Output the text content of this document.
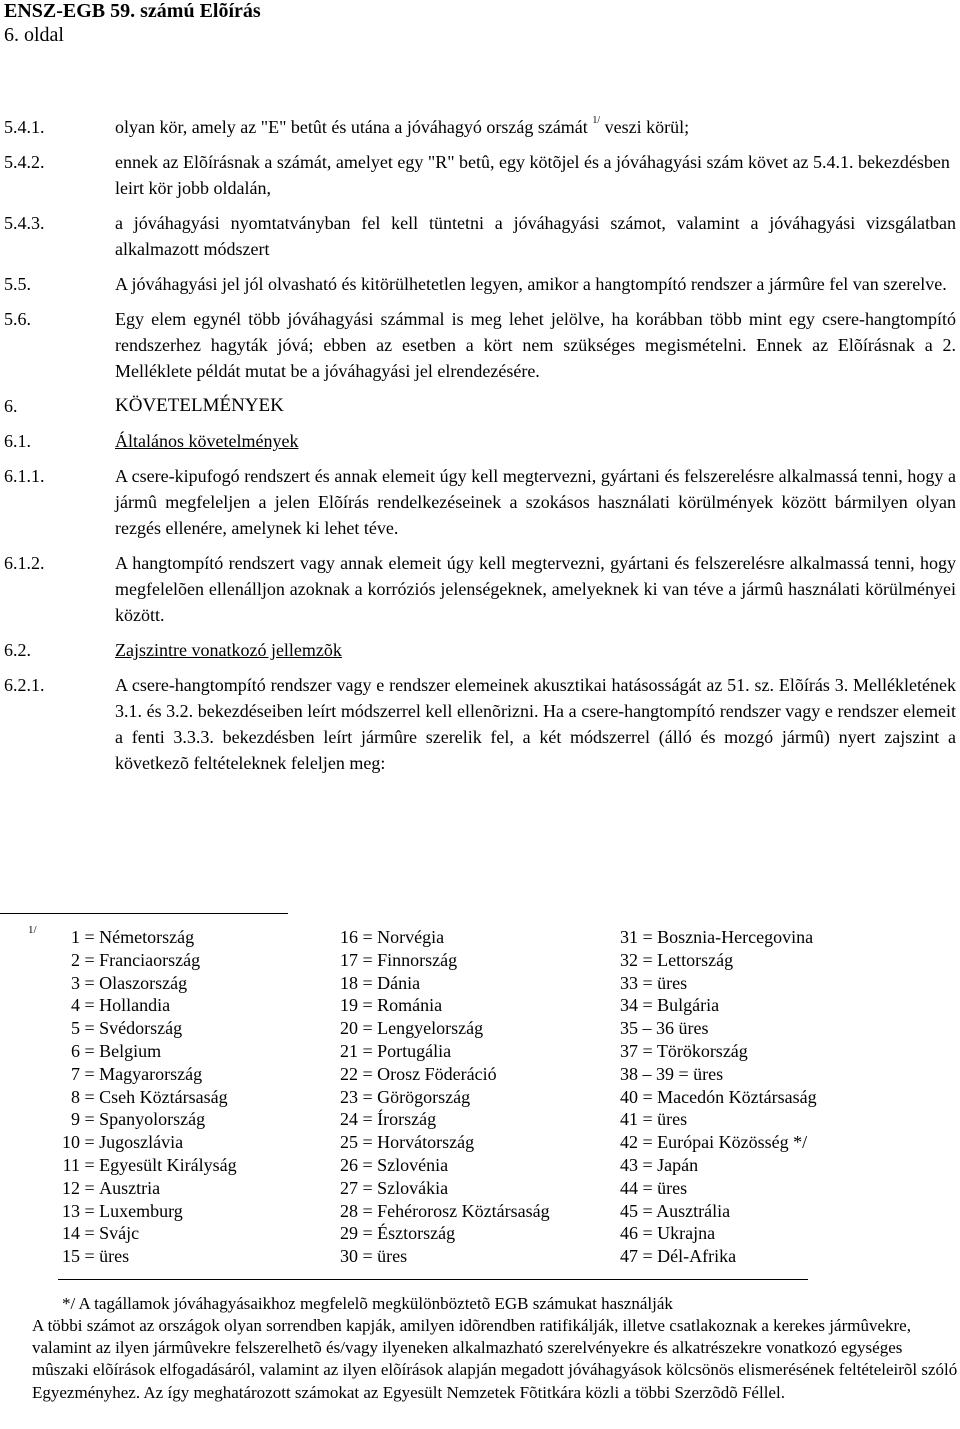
ENSZ-EGB 59. számú Elõírás
6. oldal
5.4.1.	olyan kör, amely az "E" betût és utána a jóváhagyó ország számát $^{1/}$ veszi körül;
5.4.2.	ennek az Elõírásnak a számát, amelyet egy "R" betû, egy kötõjel és a jóváhagyási szám követ az 5.4.1. bekezdésben leirt kör jobb oldalán,
5.4.3.	a jóváhagyási nyomtatványban fel kell tüntetni a jóváhagyási számot, valamint a jóváhagyási vizsgálatban alkalmazott módszert
5.5.	A jóváhagyási jel jól olvasható és kitörülhetetlen legyen, amikor a hangtompító rendszer a jármûre fel van szerelve.
5.6.	Egy elem egynél több jóváhagyási számmal is meg lehet jelölve, ha korábban több mint egy csere-hangtompító rendszerhez hagyták jóvá; ebben az esetben a kört nem szükséges megismételni. Ennek az Elõírásnak a 2. Melléklete példát mutat be a jóváhagyási jel elrendezésére.
6.	KÖVETELMÉNYEK
6.1.	Általános követelmények
6.1.1.	A csere-kipufogó rendszert és annak elemeit úgy kell megtervezni, gyártani és felszerelésre alkalmassá tenni, hogy a jármû megfeleljen a jelen Elõírás rendelkezéseinek a szokásos használati körülmények között bármilyen olyan rezgés ellenére, amelynek ki lehet téve.
6.1.2.	A hangtompító rendszert vagy annak elemeit úgy kell megtervezni, gyártani és felszerelésre alkalmassá tenni, hogy megfelelõen ellenálljon azoknak a korróziós jelenségeknek, amelyeknek ki van téve a jármû használati körülményei között.
6.2.	Zajszintre vonatkozó jellemzõk
6.2.1.	A csere-hangtompító rendszer vagy e rendszer elemeinek akusztikai hatásosságát az 51. sz. Elõírás 3. Mellékletének 3.1. és 3.2. bekezdéseiben leírt módszerrel kell ellenõrizni. Ha a csere-hangtompító rendszer vagy e rendszer elemeit a fenti 3.3.3. bekezdésben leírt jármûre szerelik fel, a két módszerrel (álló és mozgó jármû) nyert zajszint a következõ feltételeknek feleljen meg:
1/	1 = Németország
2 = Franciaország
3 = Olaszország
4 = Hollandia
5 = Svédország
6 = Belgium
7 = Magyarország
8 = Cseh Köztársaság
9 = Spanyolország
10 = Jugoszlávia
11 = Egyesült Királyság
12 = Ausztria
13 = Luxemburg
14 = Svájc
15 = üres
16 = Norvégia
17 = Finnország
18 = Dánia
19 = Románia
20 = Lengyelország
21 = Portugália
22 = Orosz Föderáció
23 = Görögország
24 = Írország
25 = Horvátország
26 = Szlovénia
27 = Szlovákia
28 = Fehérorosz Köztársaság
29 = Észtország
30 = üres
31 = Bosznia-Hercegovina
32 = Lettország
33 = üres
34 = Bulgária
35 – 36 üres
37 = Törökország
38 – 39 = üres
40 = Macedón Köztársaság
41 = üres
42 = Európai Közösség */
43 = Japán
44 = üres
45 = Ausztrália
46 = Ukrajna
47 = Dél-Afrika
*/ A tagállamok jóváhagyásaikhoz megfelelõ megkülönböztetõ EGB számukat használják
A többi számot az országok olyan sorrendben kapják, amilyen idõrendben ratifikálják, illetve csatlakoznak a kerekes jármûvekre, valamint az ilyen jármûvekre felszerelhetõ és/vagy ilyeneken alkalmazható szerelvényekre és alkatrészekre vonatkozó egységes mûszaki elõírások elfogadásáról, valamint az ilyen elõírások alapján megadott jóváhagyások kölcsönös elismerésének feltételeirõl szóló Egyezményhez. Az így meghatározott számokat az Egyesült Nemzetek Fõtitkára közli a többi Szerzõdõ Féllel.
